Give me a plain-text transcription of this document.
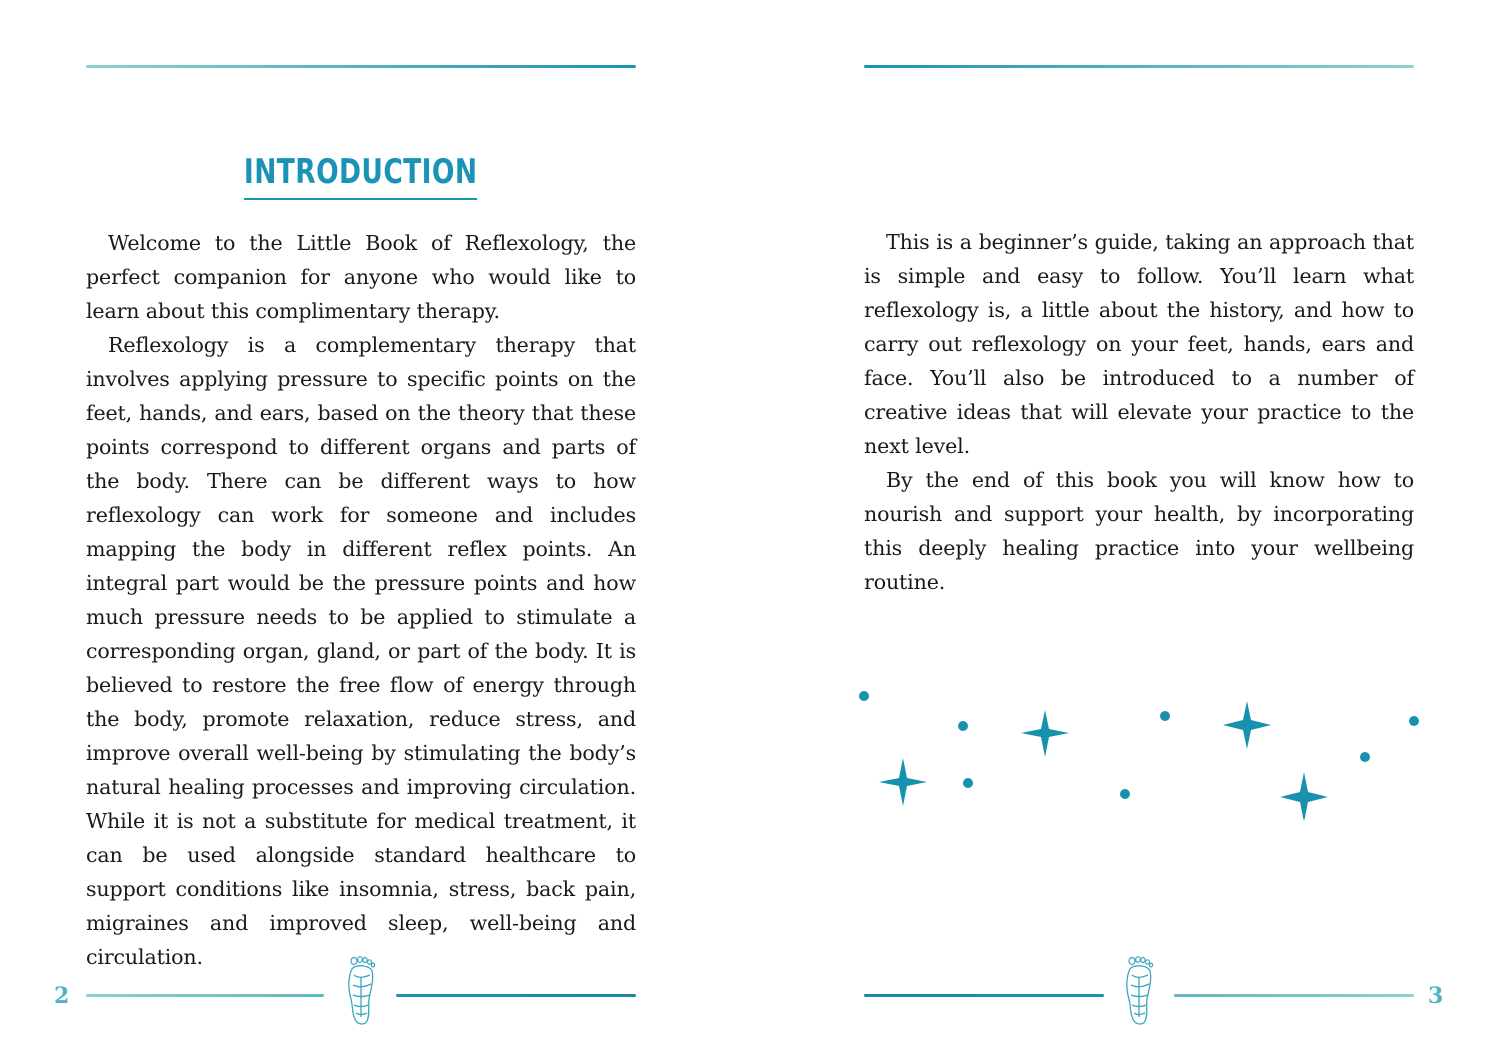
INTRODUCTION

Welcome to the Little Book of Reflexology, the perfect companion for anyone who would like to learn about this complimentary therapy.

Reflexology is a complementary therapy that involves applying pressure to specific points on the feet, hands, and ears, based on the theory that these points correspond to different organs and parts of the body. There can be different ways to how reflexology can work for someone and includes mapping the body in different reflex points. An integral part would be the pressure points and how much pressure needs to be applied to stimulate a corresponding organ, gland, or part of the body. It is believed to restore the free flow of energy through the body, promote relaxation, reduce stress, and improve overall well-being by stimulating the body’s natural healing processes and improving circulation. While it is not a substitute for medical treatment, it can be used alongside standard healthcare to support conditions like insomnia, stress, back pain, migraines and improved sleep, well-being and circulation.

2

This is a beginner’s guide, taking an approach that is simple and easy to follow. You’ll learn what reflexology is, a little about the history, and how to carry out reflexology on your feet, hands, ears and face. You’ll also be introduced to a number of creative ideas that will elevate your practice to the next level.

By the end of this book you will know how to nourish and support your health, by incorporating this deeply healing practice into your wellbeing routine.

3
